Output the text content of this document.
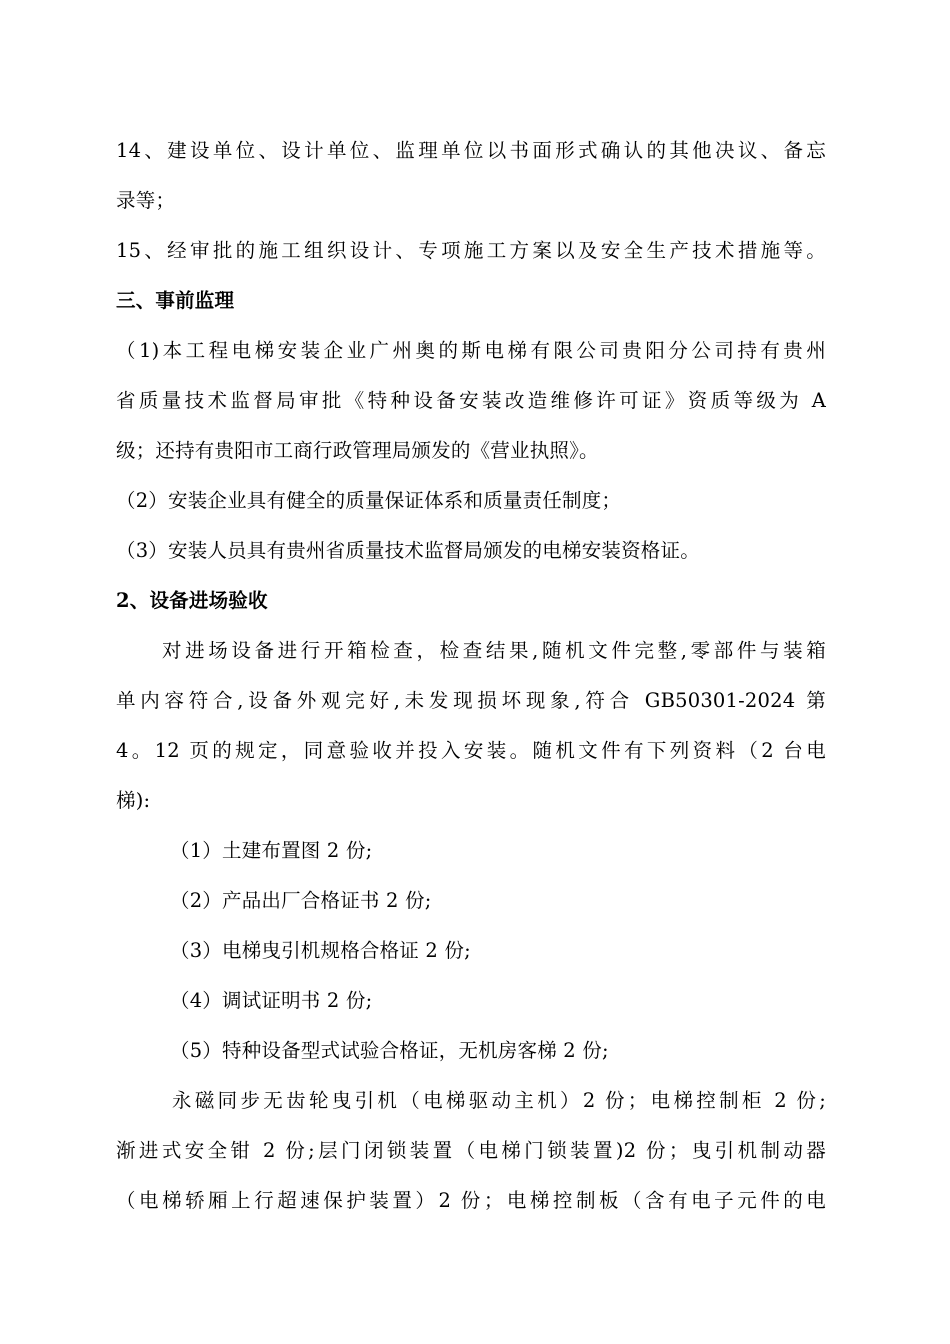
14、建设单位、设计单位、监理单位以书面形式确认的其他决议、备忘
录等；
15、经审批的施工组织设计、专项施工方案以及安全生产技术措施等。
三、事前监理
（1)本工程电梯安装企业广州奥的斯电梯有限公司贵阳分公司持有贵州
省质量技术监督局审批《特种设备安装改造维修许可证》资质等级为 A
级；还持有贵阳市工商行政管理局颁发的《营业执照》。
（2）安装企业具有健全的质量保证体系和质量责任制度；
（3）安装人员具有贵州省质量技术监督局颁发的电梯安装资格证。
2、设备进场验收
对进场设备进行开箱检查，检查结果,随机文件完整,零部件与装箱
单内容符合,设备外观完好,未发现损坏现象,符合 GB50301-2024 第
4。12 页的规定，同意验收并投入安装。随机文件有下列资料（2 台电
梯):
（1）土建布置图 2 份;
（2）产品出厂合格证书 2 份;
（3）电梯曳引机规格合格证 2 份;
（4）调试证明书 2 份;
（5）特种设备型式试验合格证，无机房客梯 2 份;
永磁同步无齿轮曳引机（电梯驱动主机）2 份；电梯控制柜 2 份;
渐进式安全钳 2 份;层门闭锁装置（电梯门锁装置)2 份；曳引机制动器
（电梯轿厢上行超速保护装置）2 份；电梯控制板（含有电子元件的电
